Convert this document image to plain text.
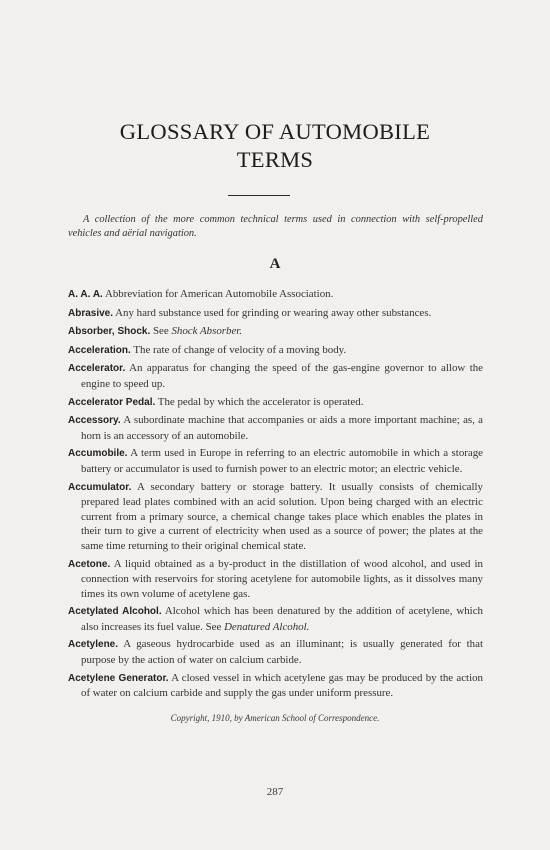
GLOSSARY OF AUTOMOBILE
TERMS

A collection of the more common technical terms used in connection with self-propelled vehicles and aërial navigation.

A

A. A. A. Abbreviation for American Automobile Association.

Abrasive. Any hard substance used for grinding or wearing away other substances.

Absorber, Shock. See Shock Absorber.

Acceleration. The rate of change of velocity of a moving body.

Accelerator. An apparatus for changing the speed of the gas-engine governor to allow the engine to speed up.

Accelerator Pedal. The pedal by which the accelerator is operated.

Accessory. A subordinate machine that accompanies or aids a more important machine; as, a horn is an accessory of an automobile.

Accumobile. A term used in Europe in referring to an electric automobile in which a storage battery or accumulator is used to furnish power to an electric motor; an electric vehicle.

Accumulator. A secondary battery or storage battery. It usually consists of chemically prepared lead plates combined with an acid solution. Upon being charged with an electric current from a primary source, a chemical change takes place which enables the plates in their turn to give a current of electricity when used as a source of power; the plates at the same time returning to their original chemical state.

Acetone. A liquid obtained as a by-product in the distillation of wood alcohol, and used in connection with reservoirs for storing acetylene for automobile lights, as it dissolves many times its own volume of acetylene gas.

Acetylated Alcohol. Alcohol which has been denatured by the addition of acetylene, which also increases its fuel value. See Denatured Alcohol.

Acetylene. A gaseous hydrocarbide used as an illuminant; is usually generated for that purpose by the action of water on calcium carbide.

Acetylene Generator. A closed vessel in which acetylene gas may be produced by the action of water on calcium carbide and supply the gas under uniform pressure.

Copyright, 1910, by American School of Correspondence.

287
